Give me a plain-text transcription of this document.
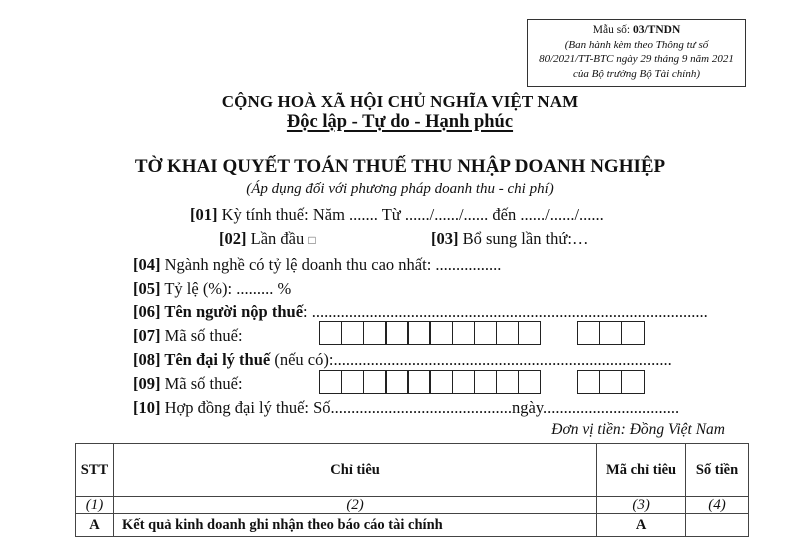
Mẫu số: 03/TNDN
(Ban hành kèm theo Thông tư số
80/2021/TT-BTC ngày 29 tháng 9 năm 2021
của Bộ trưởng Bộ Tài chính)
CỘNG HOÀ XÃ HỘI CHỦ NGHĨA VIỆT NAM
Độc lập - Tự do - Hạnh phúc
TỜ KHAI QUYẾT TOÁN THUẾ THU NHẬP DOANH NGHIỆP
(Áp dụng đối với phương pháp doanh thu - chi phí)
[01] Kỳ tính thuế: Năm ....... Từ ....../....../...... đến ....../....../......
[02] Lần đầu □	[03] Bổ sung lần thứ:…
[04] Ngành nghề có tỷ lệ doanh thu cao nhất: ................
[05] Tỷ lệ (%): ......... %
[06] Tên người nộp thuế: ................................................................................................
[07] Mã số thuế:
[08] Tên đại lý thuế (nếu có):..................................................................................
[09] Mã số thuế:
[10] Hợp đồng đại lý thuế: Số............................................ngày.................................
Đơn vị tiền: Đồng Việt Nam
STT	Chỉ tiêu	Mã chỉ tiêu	Số tiền
(1)	(2)	(3)	(4)
A	Kết quả kinh doanh ghi nhận theo báo cáo tài chính	A	
